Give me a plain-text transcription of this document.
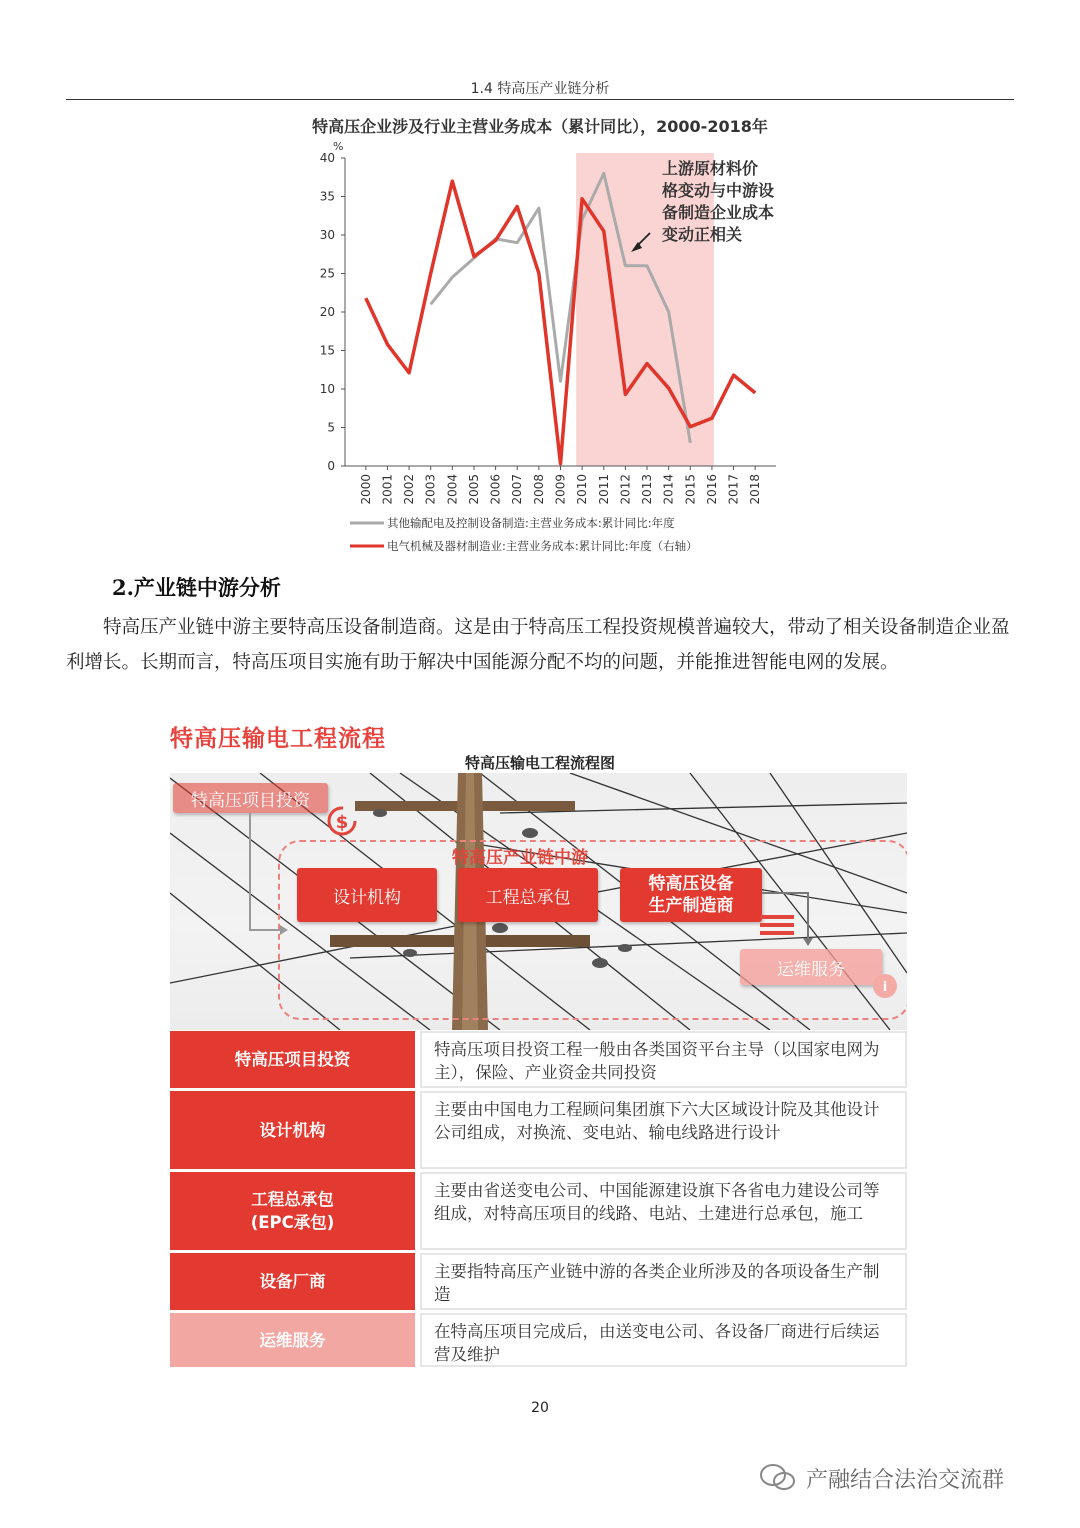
1.4 特高压产业链分析
特高压企业涉及行业主营业务成本（累计同比），2000-2018年
0
5
10
15
20
25
30
35
40
%
2000 2001 2002 2003 2004 2005 2006 2007 2008 2009 2010 2011 2012 2013 2014 2015 2016 2017 2018
上游原材料价
格变动与中游设
备制造企业成本
变动正相关
其他输配电及控制设备制造:主营业务成本:累计同比:年度
电气机械及器材制造业:主营业务成本:累计同比:年度（右轴）
2.产业链中游分析

特高压产业链中游主要特高压设备制造商。这是由于特高压工程投资规模普遍较大，带动了相关设备制造企业盈利增长。长期而言，特高压项目实施有助于解决中国能源分配不均的问题，并能推进智能电网的发展。

特高压输电工程流程
特高压输电工程流程图
特高压产业链中游
特高压项目投资
$
设计机构	工程总承包
特高压设备生产制造商
运维服务
i
特高压项目投资
特高压项目投资工程一般由各类国资平台主导（以国家电网为主），保险、产业资金共同投资
设计机构
主要由中国电力工程顾问集团旗下六大区域设计院及其他设计公司组成，对换流、变电站、输电线路进行设计
工程总承包(EPC承包)
主要由省送变电公司、中国能源建设旗下各省电力建设公司等组成，对特高压项目的线路、电站、土建进行总承包，施工
设备厂商
主要指特高压产业链中游的各类企业所涉及的各项设备生产制造
运维服务	在特高压项目完成后，由送变电公司、各设备厂商进行后续运营及维护
20
产融结合法治交流群
